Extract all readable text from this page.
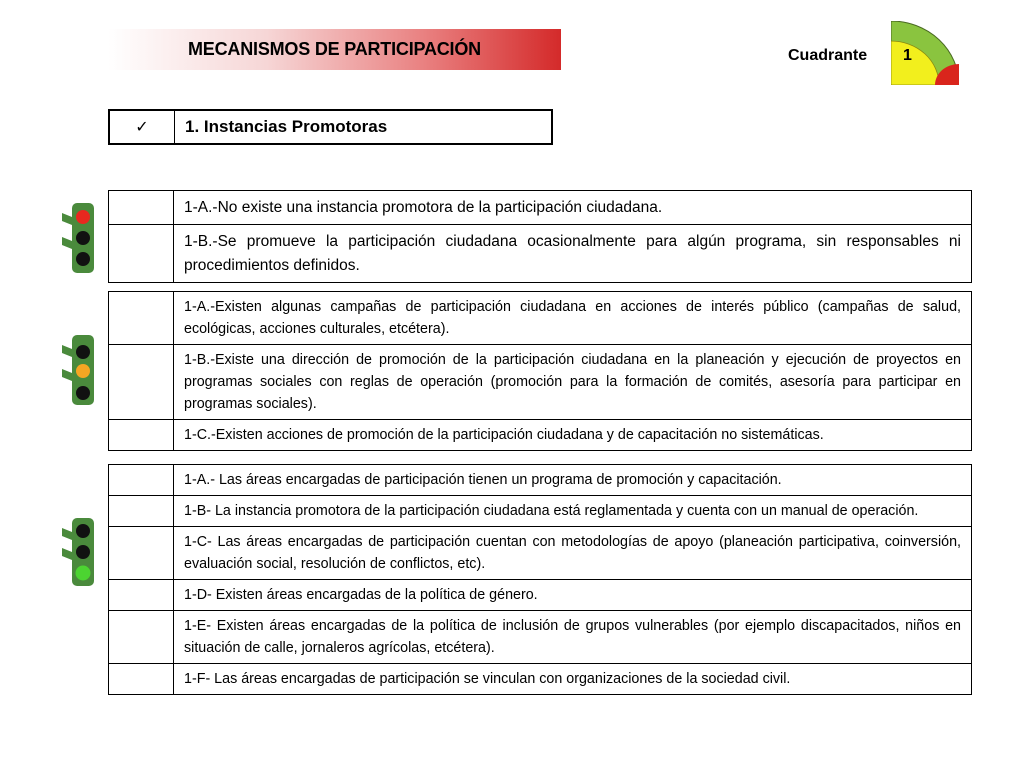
MECANISMOS DE PARTICIPACIÓN	Cuadrante 1
✓	1. Instancias Promotoras
1-A.-No existe una instancia promotora de la participación ciudadana.
1-B.-Se promueve la participación ciudadana ocasionalmente para algún programa, sin responsables ni procedimientos definidos.
1-A.-Existen algunas campañas de participación ciudadana en acciones de interés público (campañas de salud, ecológicas, acciones culturales, etcétera).
1-B.-Existe una dirección de promoción de la participación ciudadana en la planeación y ejecución de proyectos en programas sociales con reglas de operación (promoción para la formación de comités, asesoría para participar en programas sociales).
1-C.-Existen acciones de promoción de la participación ciudadana y de capacitación no sistemáticas.
1-A.- Las áreas encargadas de participación tienen un programa de promoción y capacitación.
1-B- La instancia promotora de la participación ciudadana está reglamentada y cuenta con un manual de operación.
1-C- Las áreas encargadas de participación cuentan con metodologías de apoyo (planeación participativa, coinversión, evaluación social, resolución de conflictos, etc).
1-D- Existen áreas encargadas de la política de género.
1-E- Existen áreas encargadas de la política de inclusión de grupos vulnerables (por ejemplo discapacitados, niños en situación de calle, jornaleros agrícolas, etcétera).
1-F- Las áreas encargadas de participación se vinculan con organizaciones de la sociedad civil.
